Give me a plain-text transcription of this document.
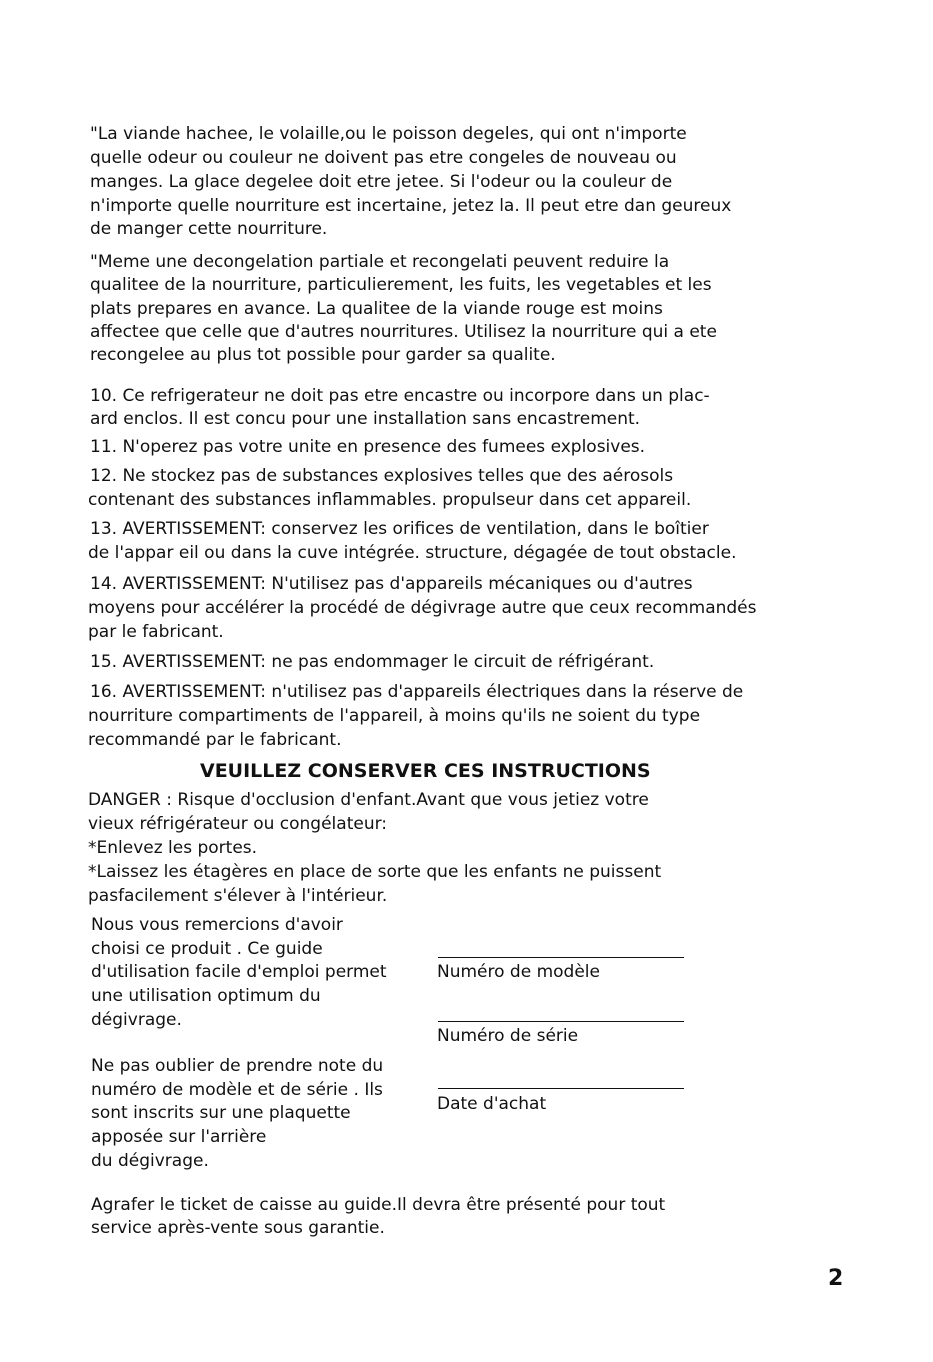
"La viande hachee, le volaille,ou le poisson degeles, qui ont n'importe
quelle odeur ou couleur ne doivent pas etre congeles de nouveau ou
manges. La glace degelee doit etre jetee. Si l'odeur ou la couleur de
n'importe quelle nourriture est incertaine, jetez la. Il peut etre dan geureux
de manger cette nourriture.
"Meme une decongelation partiale et recongelati peuvent reduire la
qualitee de la nourriture, particulierement, les fuits, les vegetables et les
plats prepares en avance. La qualitee de la viande rouge est moins
affectee que celle que d'autres nourritures. Utilisez la nourriture qui a ete
recongelee au plus tot possible pour garder sa qualite.
10. Ce refrigerateur ne doit pas etre encastre ou incorpore dans un plac-
ard enclos. Il est concu pour une installation sans encastrement.
11. N'operez pas votre unite en presence des fumees explosives.
12. Ne stockez pas de substances explosives telles que des aérosols
contenant des substances inflammables. propulseur dans cet appareil.
13. AVERTISSEMENT: conservez les orifices de ventilation, dans le boîtier
de l'appar eil ou dans la cuve intégrée. structure, dégagée de tout obstacle.
14. AVERTISSEMENT: N'utilisez pas d'appareils mécaniques ou d'autres
moyens pour accélérer la procédé de dégivrage autre que ceux recommandés
par le fabricant.
15. AVERTISSEMENT: ne pas endommager le circuit de réfrigérant.
16. AVERTISSEMENT: n'utilisez pas d'appareils électriques dans la réserve de
nourriture compartiments de l'appareil, à moins qu'ils ne soient du type
recommandé par le fabricant.
VEUILLEZ CONSERVER CES INSTRUCTIONS
DANGER : Risque d'occlusion d'enfant.Avant que vous jetiez votre
vieux réfrigérateur ou congélateur:
*Enlevez les portes.
*Laissez les étagères en place de sorte que les enfants ne puissent
pasfacilement s'élever à l'intérieur.
Nous vous remercions d'avoir
choisi ce produit . Ce guide
d'utilisation facile d'emploi permet
une utilisation optimum du
dégivrage.
Ne pas oublier de prendre note du
numéro de modèle et de série . Ils
sont inscrits sur une plaquette
apposée sur l'arrière
du dégivrage.
Numéro de modèle
Numéro de série
Date d'achat
Agrafer le ticket de caisse au guide.Il devra être présenté pour tout
service après-vente sous garantie.
2
